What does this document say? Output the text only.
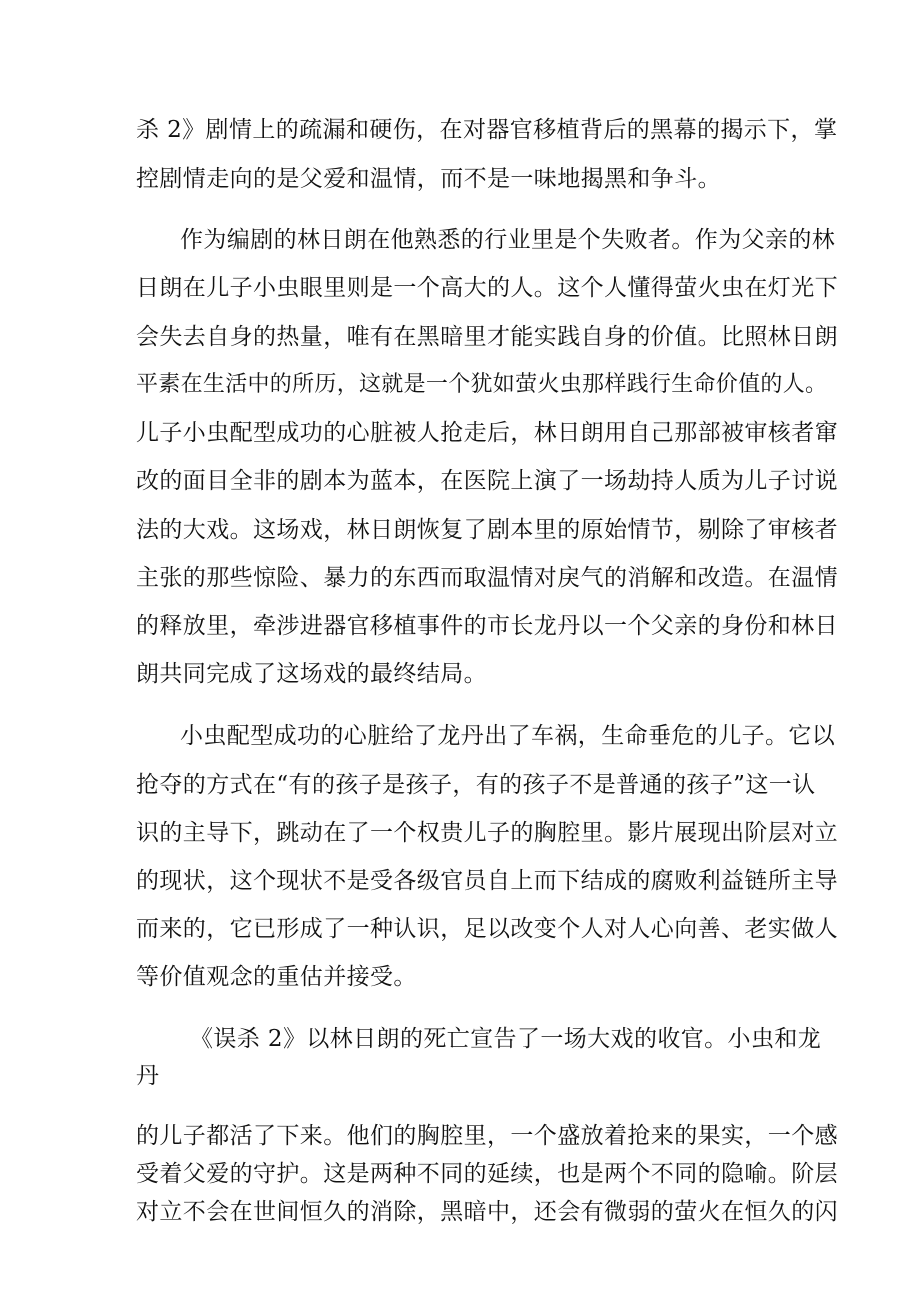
杀 2》剧情上的疏漏和硬伤，在对器官移植背后的黑幕的揭示下，掌

控剧情走向的是父爱和温情，而不是一味地揭黑和争斗。

作为编剧的林日朗在他熟悉的行业里是个失败者。作为父亲的林

日朗在儿子小虫眼里则是一个高大的人。这个人懂得萤火虫在灯光下

会失去自身的热量，唯有在黑暗里才能实践自身的价值。比照林日朗

平素在生活中的所历，这就是一个犹如萤火虫那样践行生命价值的人。

儿子小虫配型成功的心脏被人抢走后，林日朗用自己那部被审核者窜

改的面目全非的剧本为蓝本，在医院上演了一场劫持人质为儿子讨说

法的大戏。这场戏，林日朗恢复了剧本里的原始情节，剔除了审核者

主张的那些惊险、暴力的东西而取温情对戾气的消解和改造。在温情

的释放里，牵涉进器官移植事件的市长龙丹以一个父亲的身份和林日

朗共同完成了这场戏的最终结局。

小虫配型成功的心脏给了龙丹出了车祸，生命垂危的儿子。它以

抢夺的方式在“有的孩子是孩子，有的孩子不是普通的孩子”这一认

识的主导下，跳动在了一个权贵儿子的胸腔里。影片展现出阶层对立

的现状，这个现状不是受各级官员自上而下结成的腐败利益链所主导

而来的，它已形成了一种认识，足以改变个人对人心向善、老实做人

等价值观念的重估并接受。

《误杀 2》以林日朗的死亡宣告了一场大戏的收官。小虫和龙

丹

的儿子都活了下来。他们的胸腔里，一个盛放着抢来的果实，一个感

受着父爱的守护。这是两种不同的延续，也是两个不同的隐喻。阶层

对立不会在世间恒久的消除，黑暗中，还会有微弱的萤火在恒久的闪
